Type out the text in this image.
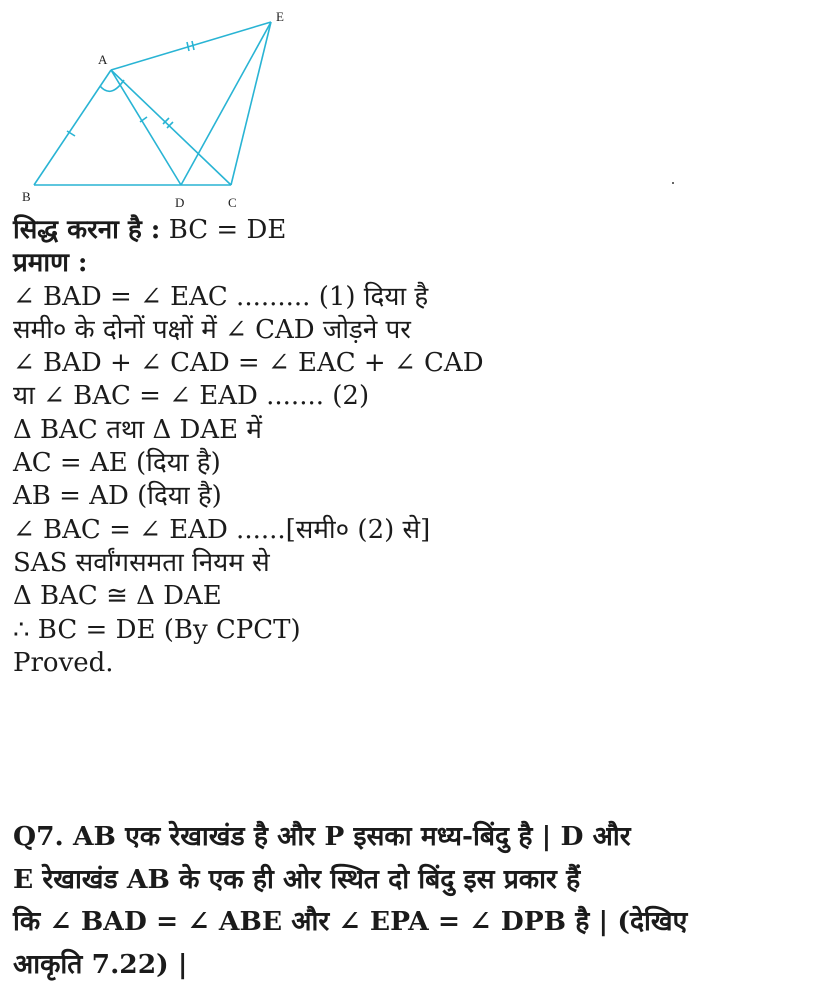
A
B	C
D
E
सिद्ध करना है : BC = DE
प्रमाण :
∠ BAD = ∠ EAC ......... (1) दिया है
समी० के दोनों पक्षों में ∠ CAD जोड़ने पर
∠ BAD + ∠ CAD = ∠ EAC + ∠ CAD
या ∠ BAC = ∠ EAD ....... (2)
Δ BAC तथा Δ DAE में
AC = AE (दिया है)
AB = AD (दिया है)
∠ BAC = ∠ EAD ......[समी० (2) से]
SAS सर्वांगसमता नियम से
Δ BAC ≅ Δ DAE
∴ BC = DE (By CPCT)
Proved.
Q7. AB एक रेखाखंड है और P इसका मध्य-बिंदु है | D और
E रेखाखंड AB के एक ही ओर स्थित दो बिंदु इस प्रकार हैं
कि ∠ BAD = ∠ ABE और ∠ EPA = ∠ DPB है | (देखिए
आकृति 7.22) |
